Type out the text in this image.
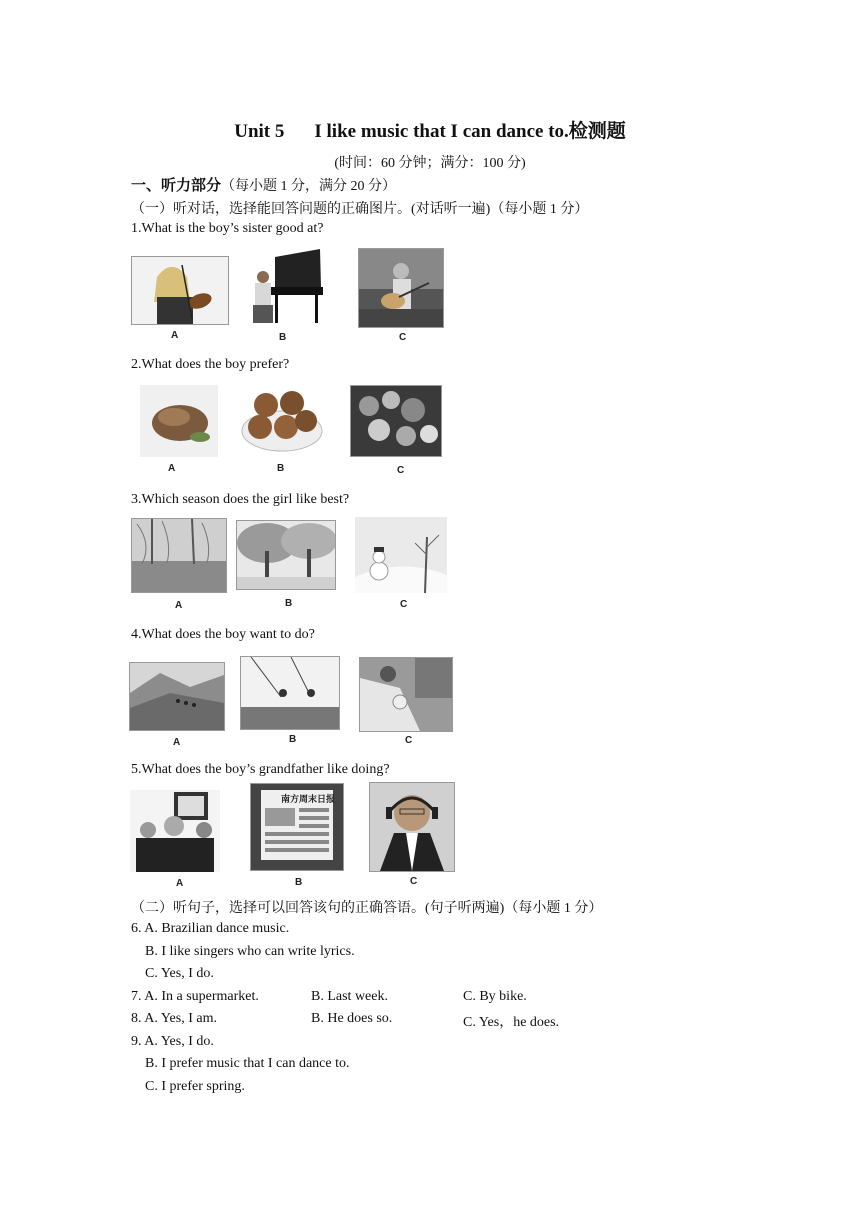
Unit 5 I like music that I can dance to.检测题
(时间：60 分钟；满分：100 分)
一、听力部分（每小题 1 分，满分 20 分）
（一）听对话，选择能回答问题的正确图片。(对话听一遍)（每小题 1 分）
1.What is the boy’s sister good at?
A	B	C
2.What does the boy prefer?
A	B	C
3.Which season does the girl like best?
A	B	C
4.What does the boy want to do?
A	B	C
5.What does the boy’s grandfather like doing?
南方周末日报
A	B	C
（二）听句子，选择可以回答该句的正确答语。(句子听两遍)（每小题 1 分）
6. A. Brazilian dance music.
B. I like singers who can write lyrics.
C. Yes, I do.
7. A. In a supermarket.	B. Last week.	C. By bike.
8. A. Yes, I am.	B. He does so.	C. Yes，he does.
9. A. Yes, I do.
B. I prefer music that I can dance to.
C. I prefer spring.
